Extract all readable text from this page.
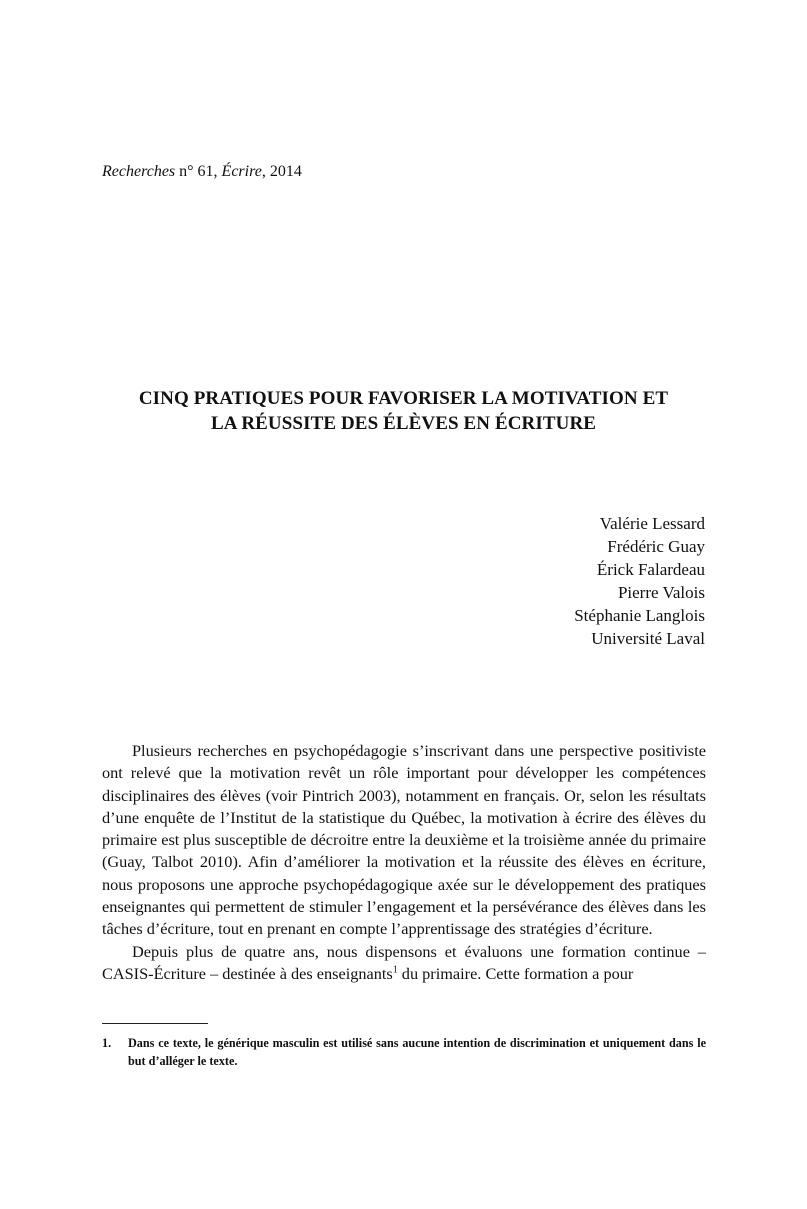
Recherches n° 61, Écrire, 2014
CINQ PRATIQUES POUR FAVORISER LA MOTIVATION ET
LA RÉUSSITE DES ÉLÈVES EN ÉCRITURE
Valérie Lessard
Frédéric Guay
Érick Falardeau
Pierre Valois
Stéphanie Langlois
Université Laval

Plusieurs recherches en psychopédagogie s’inscrivant dans une perspective positiviste ont relevé que la motivation revêt un rôle important pour développer les compétences disciplinaires des élèves (voir Pintrich 2003), notamment en français. Or, selon les résultats d’une enquête de l’Institut de la statistique du Québec, la motivation à écrire des élèves du primaire est plus susceptible de décroitre entre la deuxième et la troisième année du primaire (Guay, Talbot 2010). Afin d’améliorer la motivation et la réussite des élèves en écriture, nous proposons une approche psychopédagogique axée sur le développement des pratiques enseignantes qui permettent de stimuler l’engagement et la persévérance des élèves dans les tâches d’écriture, tout en prenant en compte l’apprentissage des stratégies d’écriture.

Depuis plus de quatre ans, nous dispensons et évaluons une formation continue – CASIS-Écriture – destinée à des enseignants$^1$ du primaire. Cette formation a pour

1. Dans ce texte, le générique masculin est utilisé sans aucune intention de discrimination et uniquement dans le but d’alléger le texte.
